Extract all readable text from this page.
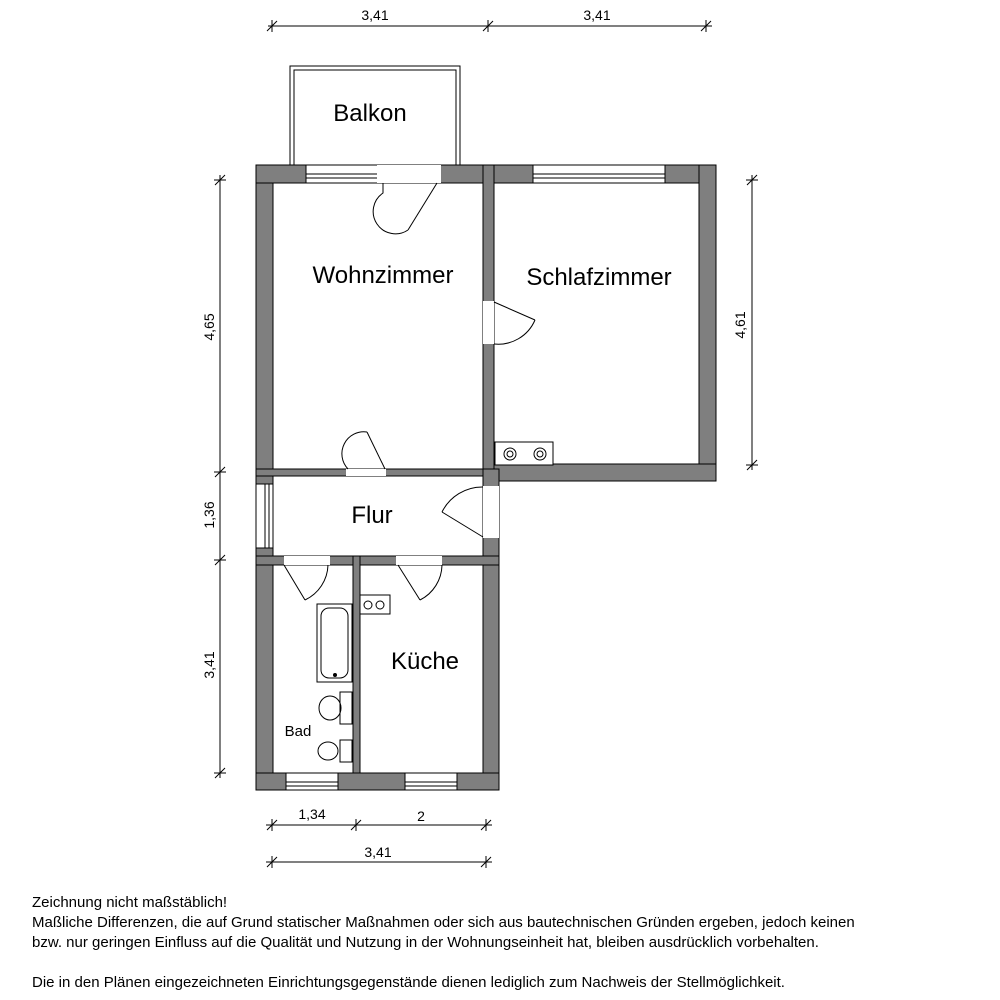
3,41	3,41
4,65
1,36
3,41
4,61
1,34	2
3,41
Balkon
Wohnzimmer	Schlafzimmer
Flur
Küche
Bad
Zeichnung nicht maßstäblich!
Maßliche Differenzen, die auf Grund statischer Maßnahmen oder sich aus bautechnischen Gründen ergeben, jedoch keinen
bzw. nur geringen Einfluss auf die Qualität und Nutzung in der Wohnungseinheit hat, bleiben ausdrücklich vorbehalten.
Die in den Plänen eingezeichneten Einrichtungsgegenstände dienen lediglich zum Nachweis der Stellmöglichkeit.
